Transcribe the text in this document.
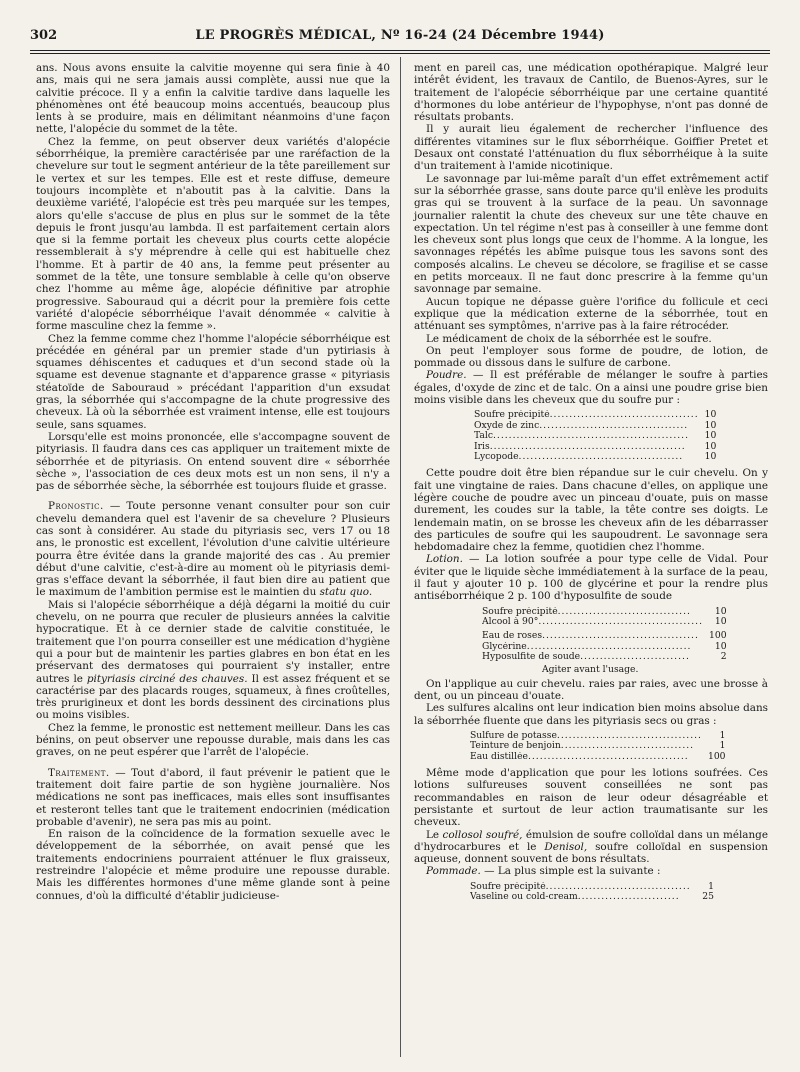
302	LE PROGRÈS MÉDICAL, Nº 16-24 (24 Décembre 1944)

ans. Nous avons ensuite la calvitie moyenne qui sera finie à 40 ans, mais qui ne sera jamais aussi complète, aussi nue que la calvitie précoce. Il y a enfin la calvitie tardive dans laquelle les phénomènes ont été beaucoup moins accentués, beaucoup plus lents à se produire, mais en délimitant néanmoins d'une façon nette, l'alopécie du sommet de la tête.

Chez la femme, on peut observer deux variétés d'alopécie séborrhéique, la première caractérisée par une raréfaction de la chevelure sur tout le segment antérieur de la tête pareillement sur le vertex et sur les tempes. Elle est et reste diffuse, demeure toujours incomplète et n'aboutit pas à la calvitie. Dans la deuxième variété, l'alopécie est très peu marquée sur les tempes, alors qu'elle s'accuse de plus en plus sur le sommet de la tête depuis le front jusqu'au lambda. Il est parfaitement certain alors que si la femme portait les cheveux plus courts cette alopécie ressemblerait à s'y méprendre à celle qui est habituelle chez l'homme. Et à partir de 40 ans, la femme peut présenter au sommet de la tête, une tonsure semblable à celle qu'on observe chez l'homme au même âge, alopécie définitive par atrophie progressive. Sabouraud qui a décrit pour la première fois cette variété d'alopécie séborrhéique l'avait dénommée « calvitie à forme masculine chez la femme ».

Chez la femme comme chez l'homme l'alopécie séborrhéique est précédée en général par un premier stade d'un pytiriasis à squames déhiscentes et caduques et d'un second stade où la squame est devenue stagnante et d'apparence grasse « pityriasis stéatoïde de Sabouraud » précédant l'apparition d'un exsudat gras, la séborrhée qui s'accompagne de la chute progressive des cheveux. Là où la séborrhée est vraiment intense, elle est toujours seule, sans squames.

Lorsqu'elle est moins prononcée, elle s'accompagne souvent de pityriasis. Il faudra dans ces cas appliquer un traitement mixte de séborrhée et de pityriasis. On entend souvent dire « séborrhée sèche », l'association de ces deux mots est un non sens, il n'y a pas de séborrhée sèche, la séborrhée est toujours fluide et grasse.

Pronostic. — Toute personne venant consulter pour son cuir chevelu demandera quel est l'avenir de sa chevelure ? Plusieurs cas sont à considérer. Au stade du pityriasis sec, vers 17 ou 18 ans, le pronostic est excellent, l'évolution d'une calvitie ultérieure pourra être évitée dans la grande majorité des cas . Au premier début d'une calvitie, c'est-à-dire au moment où le pityriasis demi-gras s'efface devant la séborrhée, il faut bien dire au patient que le maximum de l'ambition permise est le maintien du statu quo.

Mais si l'alopécie séborrhéique a déjà dégarni la moitié du cuir chevelu, on ne pourra que reculer de plusieurs années la calvitie hypocratique. Et à ce dernier stade de calvitie constituée, le traitement que l'on pourra conseiller est une médication d'hygiène qui a pour but de maintenir les parties glabres en bon état en les préservant des dermatoses qui pourraient s'y installer, entre autres le pityriasis circiné des chauves. Il est assez fréquent et se caractérise par des placards rouges, squameux, à fines croûtelles, très prurigineux et dont les bords dessinent des circinations plus ou moins visibles.

Chez la femme, le pronostic est nettement meilleur. Dans les cas bénins, on peut observer une repousse durable, mais dans les cas graves, on ne peut espérer que l'arrêt de l'alopécie.

Traitement. — Tout d'abord, il faut prévenir le patient que le traitement doit faire partie de son hygiène journalière. Nos médications ne sont pas inefficaces, mais elles sont insuffisantes et resteront telles tant que le traitement endocrinien (médication probable d'avenir), ne sera pas mis au point.

En raison de la coïncidence de la formation sexuelle avec le développement de la séborrhée, on avait pensé que les traitements endocriniens pourraient atténuer le flux graisseux, restreindre l'alopécie et même produire une repousse durable. Mais les différentes hormones d'une même glande sont à peine connues, d'où la difficulté d'établir judicieuse-

ment en pareil cas, une médication opothérapique. Malgré leur intérêt évident, les travaux de Cantilo, de Buenos-Ayres, sur le traitement de l'alopécie séborrhéique par une certaine quantité d'hormones du lobe antérieur de l'hypophyse, n'ont pas donné de résultats probants.

Il y aurait lieu également de rechercher l'influence des différentes vitamines sur le flux séborrhéique. Goiffier Pretet et Desaux ont constaté l'atténuation du flux séborrhéique à la suite d'un traitement à l'amide nicotinique.

Le savonnage par lui-même paraît d'un effet extrêmement actif sur la séborrhée grasse, sans doute parce qu'il enlève les produits gras qui se trouvent à la surface de la peau. Un savonnage journalier ralentit la chute des cheveux sur une tête chauve en expectation. Un tel régime n'est pas à conseiller à une femme dont les cheveux sont plus longs que ceux de l'homme. A la longue, les savonnages répétés les abîme puisque tous les savons sont des composés alcalins. Le cheveu se décolore, se fragilise et se casse en petits morceaux. Il ne faut donc prescrire à la femme qu'un savonnage par semaine.

Aucun topique ne dépasse guère l'orifice du follicule et ceci explique que la médication externe de la séborrhée, tout en atténuant ses symptômes, n'arrive pas à la faire rétrocéder.

Le médicament de choix de la séborrhée est le soufre.

On peut l'employer sous forme de poudre, de lotion, de pommade ou dissous dans le sulfure de carbone.

Poudre. — Il est préférable de mélanger le soufre à parties égales, d'oxyde de zinc et de talc. On a ainsi une poudre grise bien moins visible dans les cheveux que du soufre pur :

Soufre précipité......................................	10
Oxyde de zinc......................................	10
Talc..................................................	10
Iris..................................................	10
Lycopode..........................................	10

Cette poudre doit être bien répandue sur le cuir chevelu. On y fait une vingtaine de raies. Dans chacune d'elles, on applique une légère couche de poudre avec un pinceau d'ouate, puis on masse durement, les coudes sur la table, la tête contre ses doigts. Le lendemain matin, on se brosse les cheveux afin de les débarrasser des particules de soufre qui les saupoudrent. Le savonnage sera hebdomadaire chez la femme, quotidien chez l'homme.

Lotion. — La lotion soufrée a pour type celle de Vidal. Pour éviter que le liquide sèche immédiatement à la surface de la peau, il faut y ajouter 10 p. 100 de glycérine et pour la rendre plus antiséborrhéique 2 p. 100 d'hyposulfite de soude

Soufre précipité..................................	10
Alcool à 90°..........................................	10
Eau de roses........................................	100
Glycérine..........................................	10
Hyposulfite de soude............................	2
Agiter avant l'usage.

On l'applique au cuir chevelu. raies par raies, avec une brosse à dent, ou un pinceau d'ouate.

Les sulfures alcalins ont leur indication bien moins absolue dans la séborrhée fluente que dans les pityriasis secs ou gras :

Sulfure de potasse.....................................	1
Teinture de benjoin..................................	1
Eau distillée.........................................	100

Même mode d'application que pour les lotions soufrées. Ces lotions sulfureuses souvent conseillées ne sont pas recommandables en raison de leur odeur désagréable et persistante et surtout de leur action traumatisante sur les cheveux.

Le collosol soufré, émulsion de soufre colloïdal dans un mélange d'hydrocarbures et le Denisol, soufre colloïdal en suspension aqueuse, donnent souvent de bons résultats.

Pommade. — La plus simple est la suivante :

Soufre précipité.....................................	1
Vaseline ou cold-cream..........................	25
